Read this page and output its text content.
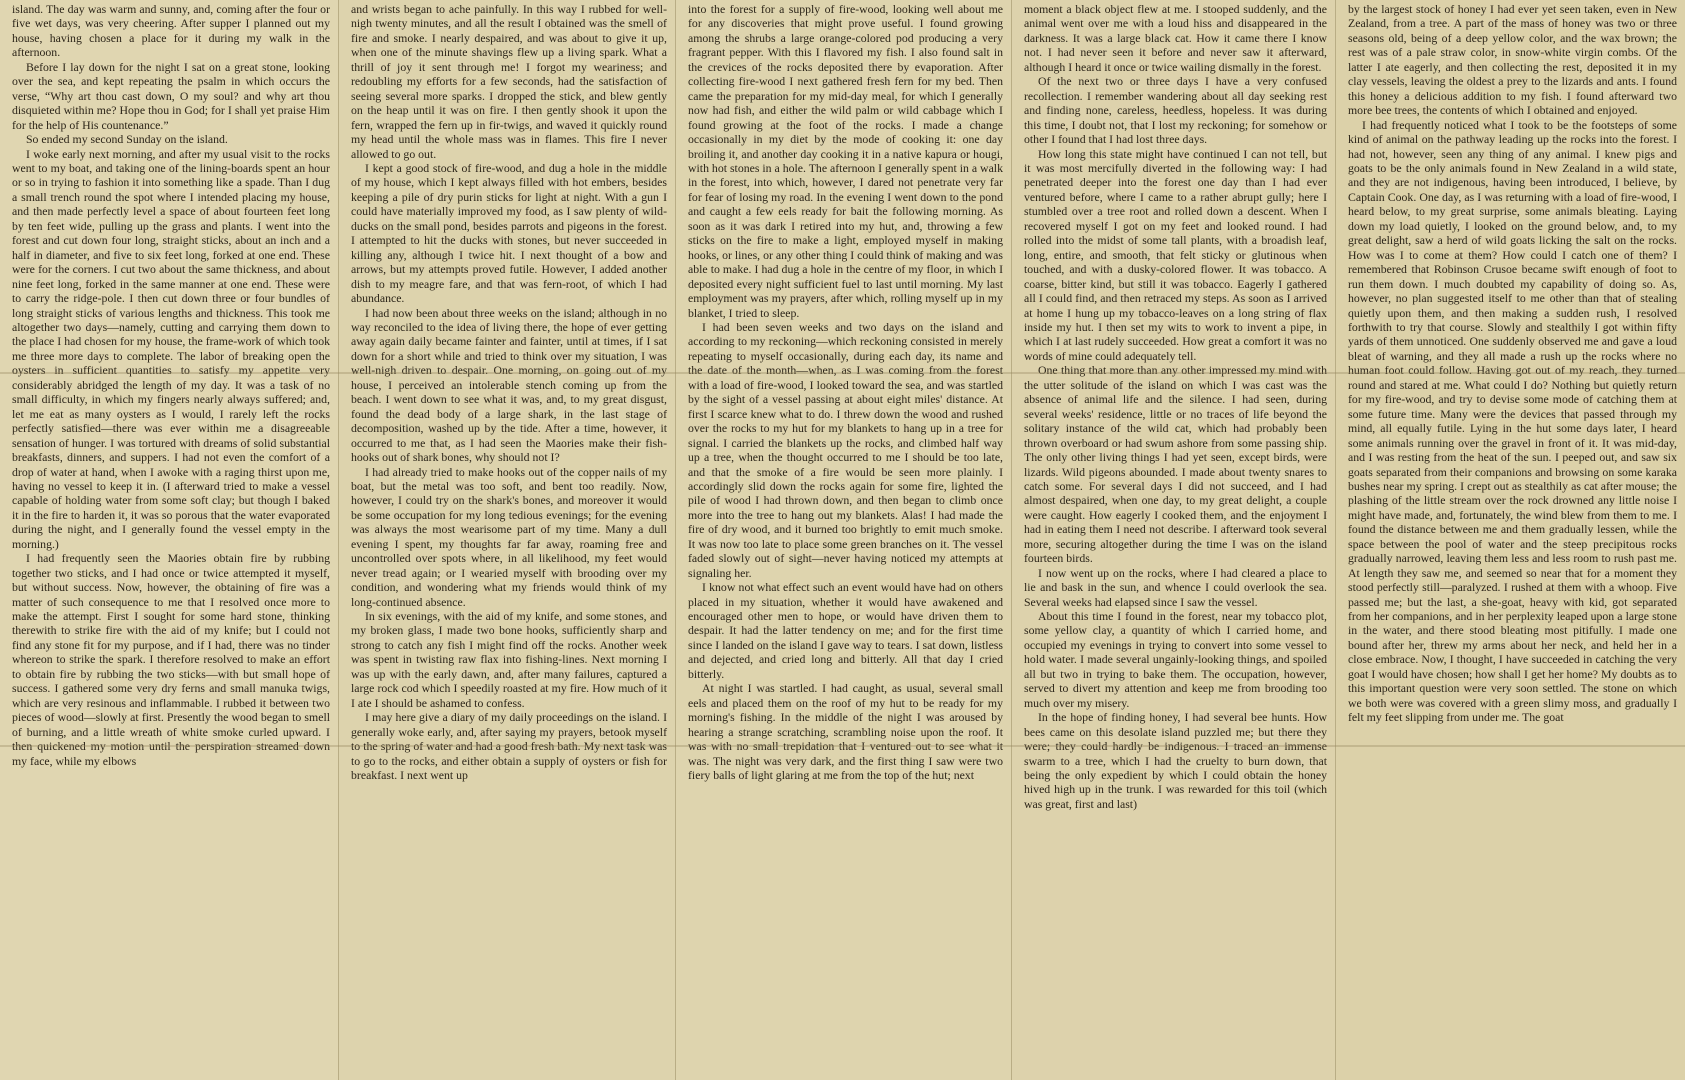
island. The day was warm and sunny, and, coming after the four or five wet days, was very cheering. After supper I planned out my house, having chosen a place for it during my walk in the afternoon.

Before I lay down for the night I sat on a great stone, looking over the sea, and kept repeating the psalm in which occurs the verse, “Why art thou cast down, O my soul? and why art thou disquieted within me? Hope thou in God; for I shall yet praise Him for the help of His countenance.”

So ended my second Sunday on the island.

I woke early next morning, and after my usual visit to the rocks went to my boat, and taking one of the lining-boards spent an hour or so in trying to fashion it into something like a spade. Than I dug a small trench round the spot where I intended placing my house, and then made perfectly level a space of about fourteen feet long by ten feet wide, pulling up the grass and plants. I went into the forest and cut down four long, straight sticks, about an inch and a half in diameter, and five to six feet long, forked at one end. These were for the corners. I cut two about the same thickness, and about nine feet long, forked in the same manner at one end. These were to carry the ridge-pole. I then cut down three or four bundles of long straight sticks of various lengths and thickness. This took me altogether two days—namely, cutting and carrying them down to the place I had chosen for my house, the frame-work of which took me three more days to complete. The labor of breaking open the oysters in sufficient quantities to satisfy my appetite very considerably abridged the length of my day. It was a task of no small difficulty, in which my fingers nearly always suffered; and, let me eat as many oysters as I would, I rarely left the rocks perfectly satisfied—there was ever within me a disagreeable sensation of hunger. I was tortured with dreams of solid substantial breakfasts, dinners, and suppers. I had not even the comfort of a drop of water at hand, when I awoke with a raging thirst upon me, having no vessel to keep it in. (I afterward tried to make a vessel capable of holding water from some soft clay; but though I baked it in the fire to harden it, it was so porous that the water evaporated during the night, and I generally found the vessel empty in the morning.)

I had frequently seen the Maories obtain fire by rubbing together two sticks, and I had once or twice attempted it myself, but without success. Now, however, the obtaining of fire was a matter of such consequence to me that I resolved once more to make the attempt. First I sought for some hard stone, thinking therewith to strike fire with the aid of my knife; but I could not find any stone fit for my purpose, and if I had, there was no tinder whereon to strike the spark. I therefore resolved to make an effort to obtain fire by rubbing the two sticks—with but small hope of success. I gathered some very dry ferns and small manuka twigs, which are very resinous and inflammable. I rubbed it between two pieces of wood—slowly at first. Presently the wood began to smell of burning, and a little wreath of white smoke curled upward. I then quickened my motion until the perspiration streamed down my face, while my elbows

and wrists began to ache painfully. In this way I rubbed for well-nigh twenty minutes, and all the result I obtained was the smell of fire and smoke. I nearly despaired, and was about to give it up, when one of the minute shavings flew up a living spark. What a thrill of joy it sent through me! I forgot my weariness; and redoubling my efforts for a few seconds, had the satisfaction of seeing several more sparks. I dropped the stick, and blew gently on the heap until it was on fire. I then gently shook it upon the fern, wrapped the fern up in fir-twigs, and waved it quickly round my head until the whole mass was in flames. This fire I never allowed to go out.

I kept a good stock of fire-wood, and dug a hole in the middle of my house, which I kept always filled with hot embers, besides keeping a pile of dry purin sticks for light at night. With a gun I could have materially improved my food, as I saw plenty of wild-ducks on the small pond, besides parrots and pigeons in the forest. I attempted to hit the ducks with stones, but never succeeded in killing any, although I twice hit. I next thought of a bow and arrows, but my attempts proved futile. However, I added another dish to my meagre fare, and that was fern-root, of which I had abundance.

I had now been about three weeks on the island; although in no way reconciled to the idea of living there, the hope of ever getting away again daily became fainter and fainter, until at times, if I sat down for a short while and tried to think over my situation, I was well-nigh driven to despair. One morning, on going out of my house, I perceived an intolerable stench coming up from the beach. I went down to see what it was, and, to my great disgust, found the dead body of a large shark, in the last stage of decomposition, washed up by the tide. After a time, however, it occurred to me that, as I had seen the Maories make their fish-hooks out of shark bones, why should not I?

I had already tried to make hooks out of the copper nails of my boat, but the metal was too soft, and bent too readily. Now, however, I could try on the shark's bones, and moreover it would be some occupation for my long tedious evenings; for the evening was always the most wearisome part of my time. Many a dull evening I spent, my thoughts far far away, roaming free and uncontrolled over spots where, in all likelihood, my feet would never tread again; or I wearied myself with brooding over my condition, and wondering what my friends would think of my long-continued absence.

In six evenings, with the aid of my knife, and some stones, and my broken glass, I made two bone hooks, sufficiently sharp and strong to catch any fish I might find off the rocks. Another week was spent in twisting raw flax into fishing-lines. Next morning I was up with the early dawn, and, after many failures, captured a large rock cod which I speedily roasted at my fire. How much of it I ate I should be ashamed to confess.

I may here give a diary of my daily proceedings on the island. I generally woke early, and, after saying my prayers, betook myself to the spring of water and had a good fresh bath. My next task was to go to the rocks, and either obtain a supply of oysters or fish for breakfast. I next went up

into the forest for a supply of fire-wood, looking well about me for any discoveries that might prove useful. I found growing among the shrubs a large orange-colored pod producing a very fragrant pepper. With this I flavored my fish. I also found salt in the crevices of the rocks deposited there by evaporation. After collecting fire-wood I next gathered fresh fern for my bed. Then came the preparation for my mid-day meal, for which I generally now had fish, and either the wild palm or wild cabbage which I found growing at the foot of the rocks. I made a change occasionally in my diet by the mode of cooking it: one day broiling it, and another day cooking it in a native kapura or hougi, with hot stones in a hole. The afternoon I generally spent in a walk in the forest, into which, however, I dared not penetrate very far for fear of losing my road. In the evening I went down to the pond and caught a few eels ready for bait the following morning. As soon as it was dark I retired into my hut, and, throwing a few sticks on the fire to make a light, employed myself in making hooks, or lines, or any other thing I could think of making and was able to make. I had dug a hole in the centre of my floor, in which I deposited every night sufficient fuel to last until morning. My last employment was my prayers, after which, rolling myself up in my blanket, I tried to sleep.

I had been seven weeks and two days on the island and according to my reckoning—which reckoning consisted in merely repeating to myself occasionally, during each day, its name and the date of the month—when, as I was coming from the forest with a load of fire-wood, I looked toward the sea, and was startled by the sight of a vessel passing at about eight miles' distance. At first I scarce knew what to do. I threw down the wood and rushed over the rocks to my hut for my blankets to hang up in a tree for signal. I carried the blankets up the rocks, and climbed half way up a tree, when the thought occurred to me I should be too late, and that the smoke of a fire would be seen more plainly. I accordingly slid down the rocks again for some fire, lighted the pile of wood I had thrown down, and then began to climb once more into the tree to hang out my blankets. Alas! I had made the fire of dry wood, and it burned too brightly to emit much smoke. It was now too late to place some green branches on it. The vessel faded slowly out of sight—never having noticed my attempts at signaling her.

I know not what effect such an event would have had on others placed in my situation, whether it would have awakened and encouraged other men to hope, or would have driven them to despair. It had the latter tendency on me; and for the first time since I landed on the island I gave way to tears. I sat down, listless and dejected, and cried long and bitterly. All that day I cried bitterly.

At night I was startled. I had caught, as usual, several small eels and placed them on the roof of my hut to be ready for my morning's fishing. In the middle of the night I was aroused by hearing a strange scratching, scrambling noise upon the roof. It was with no small trepidation that I ventured out to see what it was. The night was very dark, and the first thing I saw were two fiery balls of light glaring at me from the top of the hut; next

moment a black object flew at me. I stooped suddenly, and the animal went over me with a loud hiss and disappeared in the darkness. It was a large black cat. How it came there I know not. I had never seen it before and never saw it afterward, although I heard it once or twice wailing dismally in the forest.

Of the next two or three days I have a very confused recollection. I remember wandering about all day seeking rest and finding none, careless, heedless, hopeless. It was during this time, I doubt not, that I lost my reckoning; for somehow or other I found that I had lost three days.

How long this state might have continued I can not tell, but it was most mercifully diverted in the following way: I had penetrated deeper into the forest one day than I had ever ventured before, where I came to a rather abrupt gully; here I stumbled over a tree root and rolled down a descent. When I recovered myself I got on my feet and looked round. I had rolled into the midst of some tall plants, with a broadish leaf, long, entire, and smooth, that felt sticky or glutinous when touched, and with a dusky-colored flower. It was tobacco. A coarse, bitter kind, but still it was tobacco. Eagerly I gathered all I could find, and then retraced my steps. As soon as I arrived at home I hung up my tobacco-leaves on a long string of flax inside my hut. I then set my wits to work to invent a pipe, in which I at last rudely succeeded. How great a comfort it was no words of mine could adequately tell.

One thing that more than any other impressed my mind with the utter solitude of the island on which I was cast was the absence of animal life and the silence. I had seen, during several weeks' residence, little or no traces of life beyond the solitary instance of the wild cat, which had probably been thrown overboard or had swum ashore from some passing ship. The only other living things I had yet seen, except birds, were lizards. Wild pigeons abounded. I made about twenty snares to catch some. For several days I did not succeed, and I had almost despaired, when one day, to my great delight, a couple were caught. How eagerly I cooked them, and the enjoyment I had in eating them I need not describe. I afterward took several more, securing altogether during the time I was on the island fourteen birds.

I now went up on the rocks, where I had cleared a place to lie and bask in the sun, and whence I could overlook the sea. Several weeks had elapsed since I saw the vessel.

About this time I found in the forest, near my tobacco plot, some yellow clay, a quantity of which I carried home, and occupied my evenings in trying to convert into some vessel to hold water. I made several ungainly-looking things, and spoiled all but two in trying to bake them. The occupation, however, served to divert my attention and keep me from brooding too much over my misery.

In the hope of finding honey, I had several bee hunts. How bees came on this desolate island puzzled me; but there they were; they could hardly be indigenous. I traced an immense swarm to a tree, which I had the cruelty to burn down, that being the only expedient by which I could obtain the honey hived high up in the trunk. I was rewarded for this toil (which was great, first and last)

by the largest stock of honey I had ever yet seen taken, even in New Zealand, from a tree. A part of the mass of honey was two or three seasons old, being of a deep yellow color, and the wax brown; the rest was of a pale straw color, in snow-white virgin combs. Of the latter I ate eagerly, and then collecting the rest, deposited it in my clay vessels, leaving the oldest a prey to the lizards and ants. I found this honey a delicious addition to my fish. I found afterward two more bee trees, the contents of which I obtained and enjoyed.

I had frequently noticed what I took to be the footsteps of some kind of animal on the pathway leading up the rocks into the forest. I had not, however, seen any thing of any animal. I knew pigs and goats to be the only animals found in New Zealand in a wild state, and they are not indigenous, having been introduced, I believe, by Captain Cook. One day, as I was returning with a load of fire-wood, I heard below, to my great surprise, some animals bleating. Laying down my load quietly, I looked on the ground below, and, to my great delight, saw a herd of wild goats licking the salt on the rocks. How was I to come at them? How could I catch one of them? I remembered that Robinson Crusoe became swift enough of foot to run them down. I much doubted my capability of doing so. As, however, no plan suggested itself to me other than that of stealing quietly upon them, and then making a sudden rush, I resolved forthwith to try that course. Slowly and stealthily I got within fifty yards of them unnoticed. One suddenly observed me and gave a loud bleat of warning, and they all made a rush up the rocks where no human foot could follow. Having got out of my reach, they turned round and stared at me. What could I do? Nothing but quietly return for my fire-wood, and try to devise some mode of catching them at some future time. Many were the devices that passed through my mind, all equally futile. Lying in the hut some days later, I heard some animals running over the gravel in front of it. It was mid-day, and I was resting from the heat of the sun. I peeped out, and saw six goats separated from their companions and browsing on some karaka bushes near my spring. I crept out as stealthily as cat after mouse; the plashing of the little stream over the rock drowned any little noise I might have made, and, fortunately, the wind blew from them to me. I found the distance between me and them gradually lessen, while the space between the pool of water and the steep precipitous rocks gradually narrowed, leaving them less and less room to rush past me. At length they saw me, and seemed so near that for a moment they stood perfectly still—paralyzed. I rushed at them with a whoop. Five passed me; but the last, a she-goat, heavy with kid, got separated from her companions, and in her perplexity leaped upon a large stone in the water, and there stood bleating most pitifully. I made one bound after her, threw my arms about her neck, and held her in a close embrace. Now, I thought, I have succeeded in catching the very goat I would have chosen; how shall I get her home? My doubts as to this important question were very soon settled. The stone on which we both were was covered with a green slimy moss, and gradually I felt my feet slipping from under me. The goat
